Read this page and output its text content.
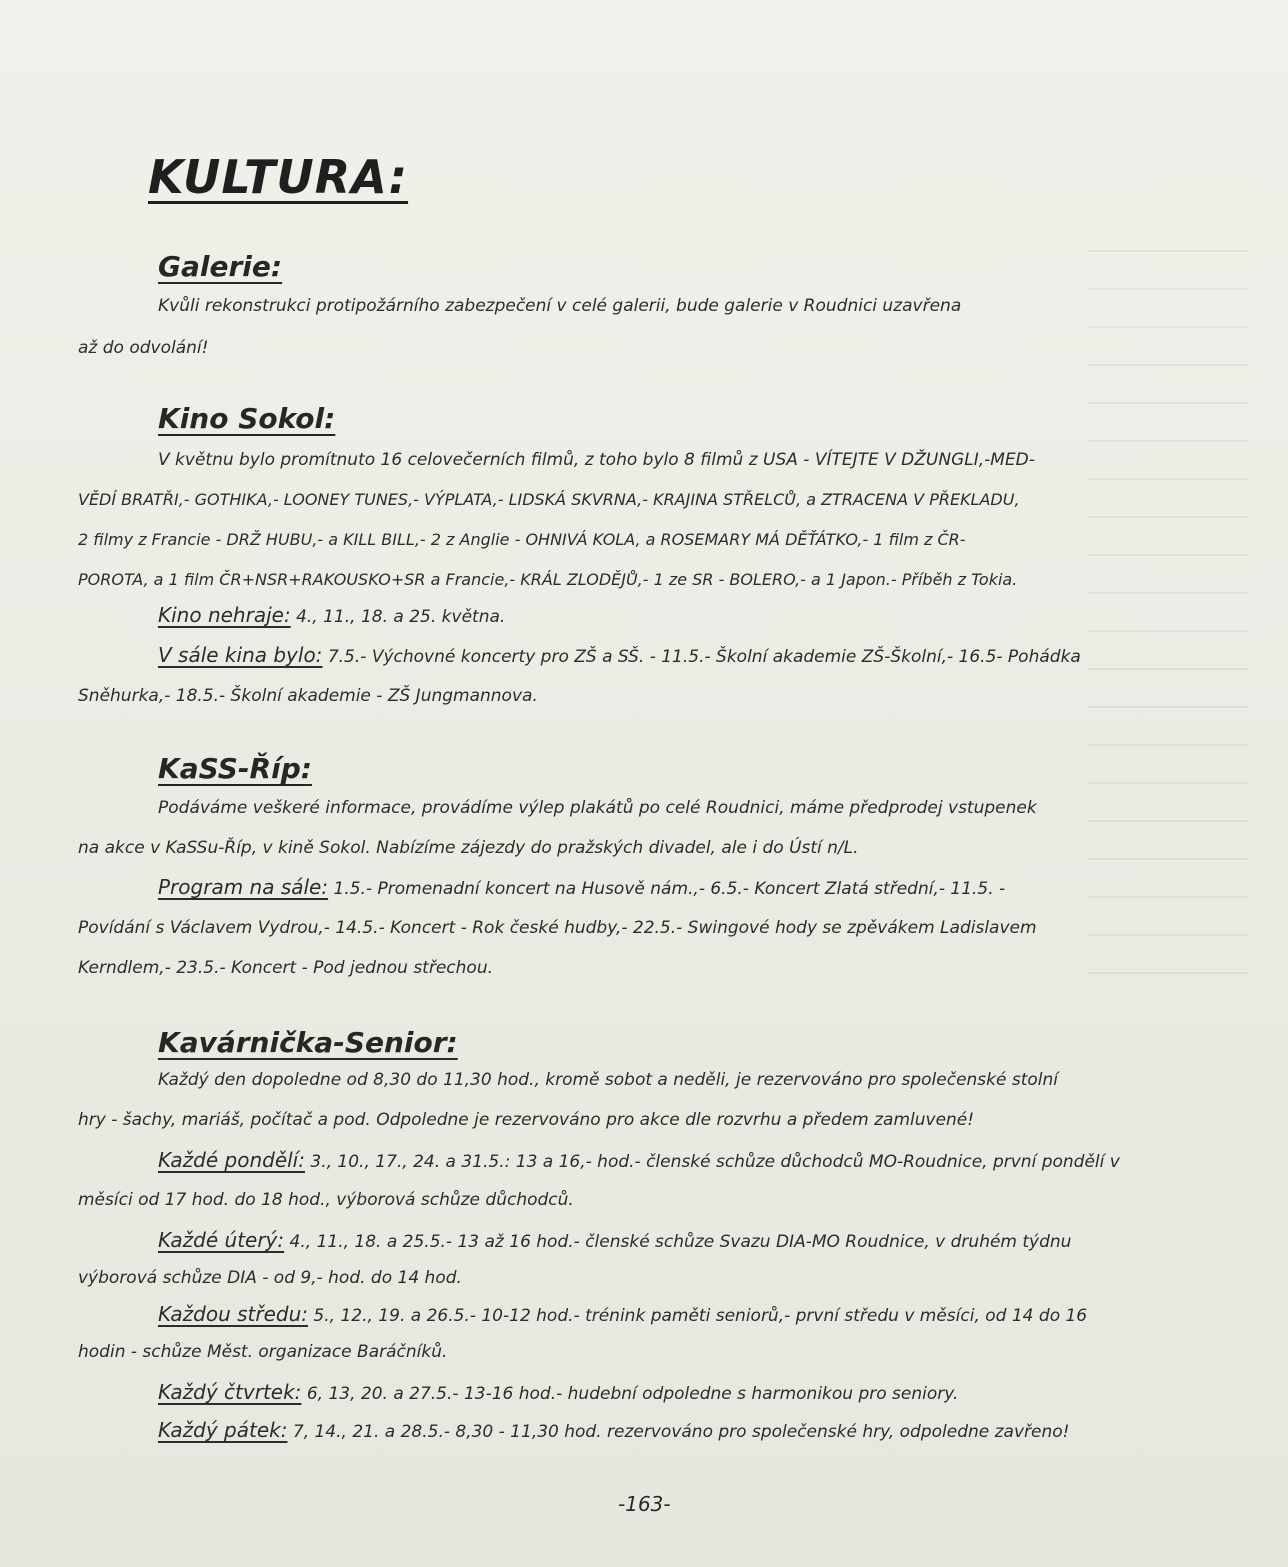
KULTURA:
Galerie:
Kvůli rekonstrukci protipožárního zabezpečení v celé galerii, bude galerie v Roudnici uzavřena
až do odvolání!
Kino Sokol:
V květnu bylo promítnuto 16 celovečerních filmů, z toho bylo 8 filmů z USA - VÍTEJTE V DŽUNGLI,-MED-
VĚDÍ BRATŘI,- GOTHIKA,- LOONEY TUNES,- VÝPLATA,- LIDSKÁ SKVRNA,- KRAJINA STŘELCŮ, a ZTRACENA V PŘEKLADU,
2 filmy z Francie - DRŽ HUBU,- a KILL BILL,- 2 z Anglie - OHNIVÁ KOLA, a ROSEMARY MÁ DĚŤÁTKO,- 1 film z ČR-
POROTA, a 1 film ČR+NSR+RAKOUSKO+SR a Francie,- KRÁL ZLODĚJŮ,- 1 ze SR - BOLERO,- a 1 Japon.- Příběh z Tokia.
Kino nehraje: 4., 11., 18. a 25. května.
V sále kina bylo: 7.5.- Výchovné koncerty pro ZŠ a SŠ. - 11.5.- Školní akademie ZŠ-Školní,- 16.5- Pohádka
Sněhurka,- 18.5.- Školní akademie - ZŠ Jungmannova.
KaSS-Říp:
Podáváme veškeré informace, provádíme výlep plakátů po celé Roudnici, máme předprodej vstupenek
na akce v KaSSu-Říp, v kině Sokol. Nabízíme zájezdy do pražských divadel, ale i do Ústí n/L.
Program na sále: 1.5.- Promenadní koncert na Husově nám.,- 6.5.- Koncert Zlatá střední,- 11.5. -
Povídání s Václavem Vydrou,- 14.5.- Koncert - Rok české hudby,- 22.5.- Swingové hody se zpěvákem Ladislavem
Kerndlem,- 23.5.- Koncert - Pod jednou střechou.
Kavárnička-Senior:
Každý den dopoledne od 8,30 do 11,30 hod., kromě sobot a neděli, je rezervováno pro společenské stolní
hry - šachy, mariáš, počítač a pod. Odpoledne je rezervováno pro akce dle rozvrhu a předem zamluvené!
Každé pondělí: 3., 10., 17., 24. a 31.5.: 13 a 16,- hod.- členské schůze důchodců MO-Roudnice, první pondělí v
měsíci od 17 hod. do 18 hod., výborová schůze důchodců.
Každé úterý: 4., 11., 18. a 25.5.- 13 až 16 hod.- členské schůze Svazu DIA-MO Roudnice, v druhém týdnu
výborová schůze DIA - od 9,- hod. do 14 hod.
Každou středu: 5., 12., 19. a 26.5.- 10-12 hod.- trénink paměti seniorů,- první středu v měsíci, od 14 do 16
hodin - schůze Měst. organizace Baráčníků.
Každý čtvrtek: 6, 13, 20. a 27.5.- 13-16 hod.- hudební odpoledne s harmonikou pro seniory.
Každý pátek: 7, 14., 21. a 28.5.- 8,30 - 11,30 hod. rezervováno pro společenské hry, odpoledne zavřeno!
-163-
